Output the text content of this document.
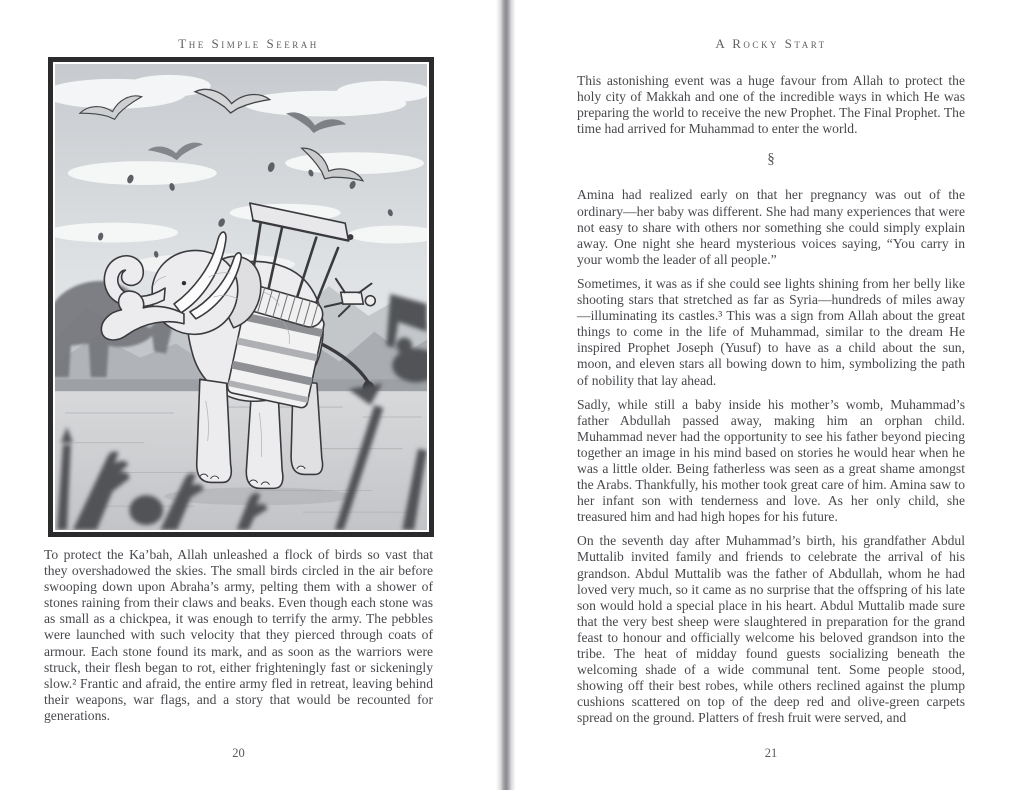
The Simple Seerah

To protect the Ka’bah, Allah unleashed a flock of birds so vast that they overshadowed the skies. The small birds circled in the air before swooping down upon Abraha’s army, pelting them with a shower of stones raining from their claws and beaks. Even though each stone was as small as a chickpea, it was enough to terrify the army. The pebbles were launched with such velocity that they pierced through coats of armour. Each stone found its mark, and as soon as the warriors were struck, their flesh began to rot, either frighteningly fast or sickeningly slow.² Frantic and afraid, the entire army fled in retreat, leaving behind their weapons, war flags, and a story that would be recounted for generations.

20
A Rocky Start

This astonishing event was a huge favour from Allah to protect the holy city of Makkah and one of the incredible ways in which He was preparing the world to receive the new Prophet. The Final Prophet. The time had arrived for Muhammad to enter the world.

§

Amina had realized early on that her pregnancy was out of the ordinary—her baby was different. She had many experiences that were not easy to share with others nor something she could simply explain away. One night she heard mysterious voices saying, “You carry in your womb the leader of all people.”

Sometimes, it was as if she could see lights shining from her belly like shooting stars that stretched as far as Syria—hundreds of miles away—illuminating its castles.³ This was a sign from Allah about the great things to come in the life of Muhammad, similar to the dream He inspired Prophet Joseph (Yusuf) to have as a child about the sun, moon, and eleven stars all bowing down to him, symbolizing the path of nobility that lay ahead.

Sadly, while still a baby inside his mother’s womb, Muhammad’s father Abdullah passed away, making him an orphan child. Muhammad never had the opportunity to see his father beyond piecing together an image in his mind based on stories he would hear when he was a little older. Being fatherless was seen as a great shame amongst the Arabs. Thankfully, his mother took great care of him. Amina saw to her infant son with tenderness and love. As her only child, she treasured him and had high hopes for his future.

On the seventh day after Muhammad’s birth, his grandfather Abdul Muttalib invited family and friends to celebrate the arrival of his grandson. Abdul Muttalib was the father of Abdullah, whom he had loved very much, so it came as no surprise that the offspring of his late son would hold a special place in his heart. Abdul Muttalib made sure that the very best sheep were slaughtered in preparation for the grand feast to honour and officially welcome his beloved grandson into the tribe. The heat of midday found guests socializing beneath the welcoming shade of a wide communal tent. Some people stood, showing off their best robes, while others reclined against the plump cushions scattered on top of the deep red and olive-green carpets spread on the ground. Platters of fresh fruit were served, and

21
